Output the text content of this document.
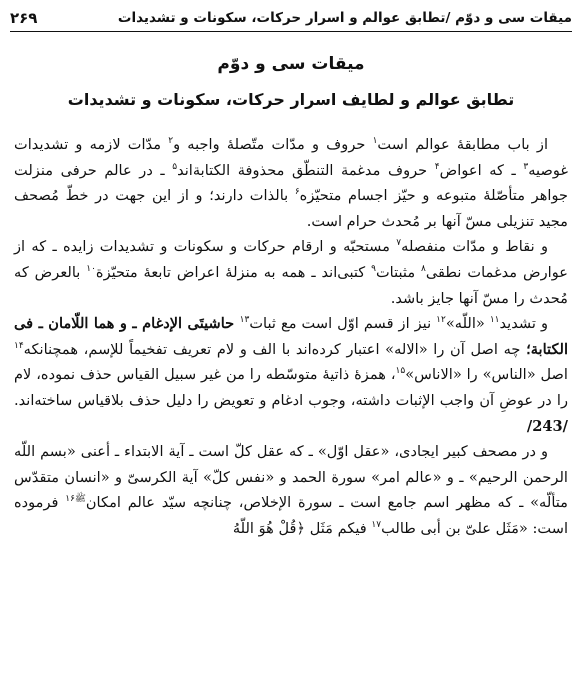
میقات سی و دوّم /تطابق عوالم و اسرار حرکات، سکونات و تشدیدات
۲۶۹
میقات سی و دوّم
تطابق عوالم و لطایف اسرار حرکات، سکونات و تشدیدات

از باب مطابقهٔ عوالم است$^۱$ حروف و مدّات متّصلهٔ واجبه و$^۲$ مدّات لازمه و تشدیدات غوصیه$^۳$ ـ که اعواض$^۴$ حروف مدغمة التنطّق محذوفة الکتابة‌اند$^۵$ ـ در عالم حرفی منزلت جواهر متأصّلهٔ متبوعه و حیّز اجسام متحیّزه$^۶$ بالذات دارند؛ و از این جهت در خطّ مُصحف مجید تنزیلی مسّ آنها بر مُحدث حرام است.

و نقاط و مدّات منفصله$^۷$ مستحبّه و ارقام حرکات و سکونات و تشدیدات زایده ـ که از عوارض مدغمات نطقی$^۸$ مثبتات$^۹$ کتبی‌اند ـ همه به منزلهٔ اعراض تابعهٔ متحیّزة$^{۱۰}$ بالعرض که مُحدث را مسّ آنها جایز باشد.

و تشدید$^{۱۱}$ «اللّه»$^{۱۲}$ نیز از قسم اوّل است مع ثبات$^{۱۳}$ حاشیتَی الإدغام ـ و هما اللّامان ـ فی الکتابة؛ چه اصل آن را «الاله» اعتبار کرده‌اند با الف و لام تعریف تفخیماً للإسم، همچنانکه$^{۱۴}$ اصل «الناس» را «الاناس»$^{۱۵}$، همزهٔ ذاتیهٔ متوسّطه را من غیر سبیل القیاس حذف نموده، لام را در عوضِ آن واجب الإثبات داشته، وجوب ادغام و تعویض را دلیل حذف بلاقیاس ساخته‌اند. /243/

و در مصحف کبیر ایجادی، «عقل اوّل» ـ که عقل کلّ است ـ آیة الابتداء ـ أعنی «بسم اللّه الرحمن الرحیم» ـ و «عالم امر» سورة الحمد و «نفس کلّ» آیة الکرسیّ و «انسان متقدّس متألّه» ـ که مظهر اسم جامع است ـ سورة الإخلاص، چنانچه سیّد عالم امکان$^{ﷺ۱۶}$ فرموده است: «مَثَل علیّ بن أبی طالب$^{۱۷}$ فیکم مَثَل ﴿قُلْ هُوَ اللّهُ
